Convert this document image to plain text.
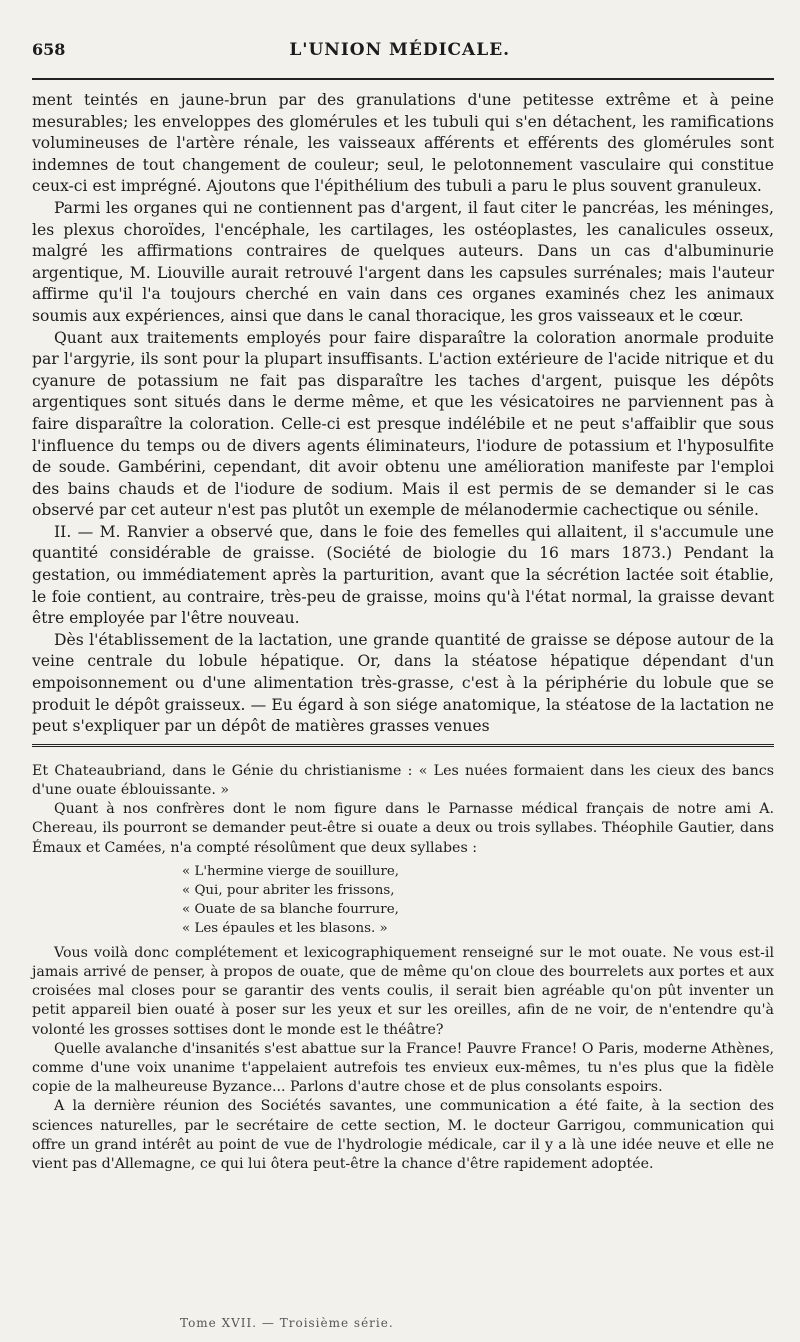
658	L'UNION MÉDICALE.

ment teintés en jaune-brun par des granulations d'une petitesse extrême et à peine mesurables; les enveloppes des glomérules et les tubuli qui s'en détachent, les ramifications volumineuses de l'artère rénale, les vaisseaux afférents et efférents des glomérules sont indemnes de tout changement de couleur; seul, le pelotonnement vasculaire qui constitue ceux-ci est imprégné. Ajoutons que l'épithélium des tubuli a paru le plus souvent granuleux.

Parmi les organes qui ne contiennent pas d'argent, il faut citer le pancréas, les méninges, les plexus choroïdes, l'encéphale, les cartilages, les ostéoplastes, les canalicules osseux, malgré les affirmations contraires de quelques auteurs. Dans un cas d'albuminurie argentique, M. Liouville aurait retrouvé l'argent dans les capsules surrénales; mais l'auteur affirme qu'il l'a toujours cherché en vain dans ces organes examinés chez les animaux soumis aux expériences, ainsi que dans le canal thoracique, les gros vaisseaux et le cœur.

Quant aux traitements employés pour faire disparaître la coloration anormale produite par l'argyrie, ils sont pour la plupart insuffisants. L'action extérieure de l'acide nitrique et du cyanure de potassium ne fait pas disparaître les taches d'argent, puisque les dépôts argentiques sont situés dans le derme même, et que les vésicatoires ne parviennent pas à faire disparaître la coloration. Celle-ci est presque indélébile et ne peut s'affaiblir que sous l'influence du temps ou de divers agents éliminateurs, l'iodure de potassium et l'hyposulfite de soude. Gambérini, cependant, dit avoir obtenu une amélioration manifeste par l'emploi des bains chauds et de l'iodure de sodium. Mais il est permis de se demander si le cas observé par cet auteur n'est pas plutôt un exemple de mélanodermie cachectique ou sénile.

II. — M. Ranvier a observé que, dans le foie des femelles qui allaitent, il s'accumule une quantité considérable de graisse. (Société de biologie du 16 mars 1873.) Pendant la gestation, ou immédiatement après la parturition, avant que la sécrétion lactée soit établie, le foie contient, au contraire, très-peu de graisse, moins qu'à l'état normal, la graisse devant être employée par l'être nouveau.

Dès l'établissement de la lactation, une grande quantité de graisse se dépose autour de la veine centrale du lobule hépatique. Or, dans la stéatose hépatique dépendant d'un empoisonnement ou d'une alimentation très-grasse, c'est à la périphérie du lobule que se produit le dépôt graisseux. — Eu égard à son siége anatomique, la stéatose de la lactation ne peut s'expliquer par un dépôt de matières grasses venues

Et Chateaubriand, dans le Génie du christianisme : « Les nuées formaient dans les cieux des bancs d'une ouate éblouissante. »

Quant à nos confrères dont le nom figure dans le Parnasse médical français de notre ami A. Chereau, ils pourront se demander peut-être si ouate a deux ou trois syllabes. Théophile Gautier, dans Émaux et Camées, n'a compté résolûment que deux syllabes :

« L'hermine vierge de souillure,
« Qui, pour abriter les frissons,
« Ouate de sa blanche fourrure,
« Les épaules et les blasons. »

Vous voilà donc complétement et lexicographiquement renseigné sur le mot ouate. Ne vous est-il jamais arrivé de penser, à propos de ouate, que de même qu'on cloue des bourrelets aux portes et aux croisées mal closes pour se garantir des vents coulis, il serait bien agréable qu'on pût inventer un petit appareil bien ouaté à poser sur les yeux et sur les oreilles, afin de ne voir, de n'entendre qu'à volonté les grosses sottises dont le monde est le théâtre?

Quelle avalanche d'insanités s'est abattue sur la France! Pauvre France! O Paris, moderne Athènes, comme d'une voix unanime t'appelaient autrefois tes envieux eux-mêmes, tu n'es plus que la fidèle copie de la malheureuse Byzance... Parlons d'autre chose et de plus consolants espoirs.

A la dernière réunion des Sociétés savantes, une communication a été faite, à la section des sciences naturelles, par le secrétaire de cette section, M. le docteur Garrigou, communication qui offre un grand intérêt au point de vue de l'hydrologie médicale, car il y a là une idée neuve et elle ne vient pas d'Allemagne, ce qui lui ôtera peut-être la chance d'être rapidement adoptée.

Tome XVII. — Troisième série.
